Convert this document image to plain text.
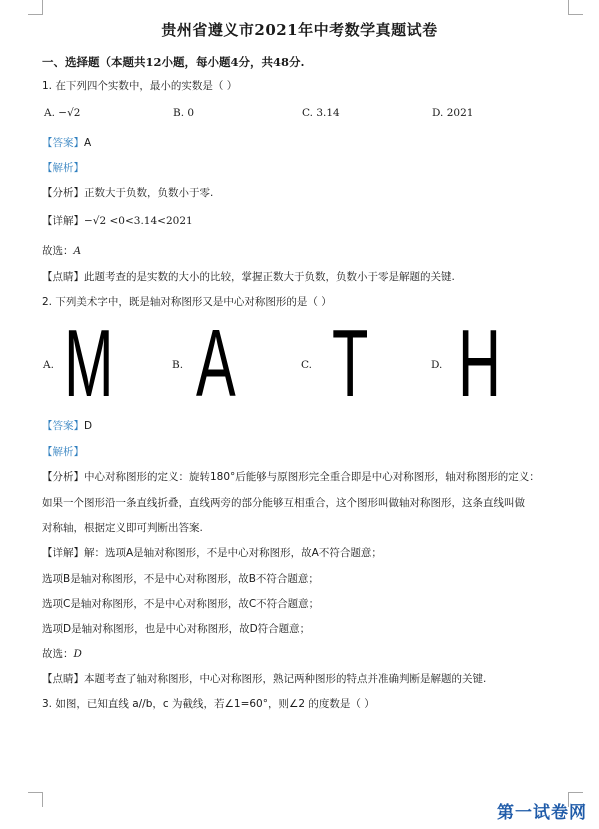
贵州省遵义市2021年中考数学真题试卷
一、选择题（本题共12小题，每小题4分，共48分.
1. 在下列四个实数中，最小的实数是（ ）
A. −√2	B. 0	C. 3.14	D. 2021
【答案】A
【解析】
【分析】正数大于负数，负数小于零.
【详解】−√2 <0<3.14<2021
故选：A
【点睛】此题考查的是实数的大小的比较，掌握正数大于负数，负数小于零是解题的关键.
2. 下列美术字中，既是轴对称图形又是中心对称图形的是（ ）
A. M	B. A	C. T	D. H
【答案】D
【解析】
【分析】中心对称图形的定义：旋转180°后能够与原图形完全重合即是中心对称图形，轴对称图形的定义：
如果一个图形沿一条直线折叠，直线两旁的部分能够互相重合，这个图形叫做轴对称图形，这条直线叫做
对称轴，根据定义即可判断出答案.
【详解】解：选项A是轴对称图形，不是中心对称图形，故A不符合题意；
选项B是轴对称图形，不是中心对称图形，故B不符合题意；
选项C是轴对称图形，不是中心对称图形，故C不符合题意；
选项D是轴对称图形，也是中心对称图形，故D符合题意；
故选：D
【点睛】本题考查了轴对称图形，中心对称图形，熟记两种图形的特点并准确判断是解题的关键.
3. 如图，已知直线 a//b，c 为截线，若∠1=60°，则∠2 的度数是（ ）
第一试卷网
